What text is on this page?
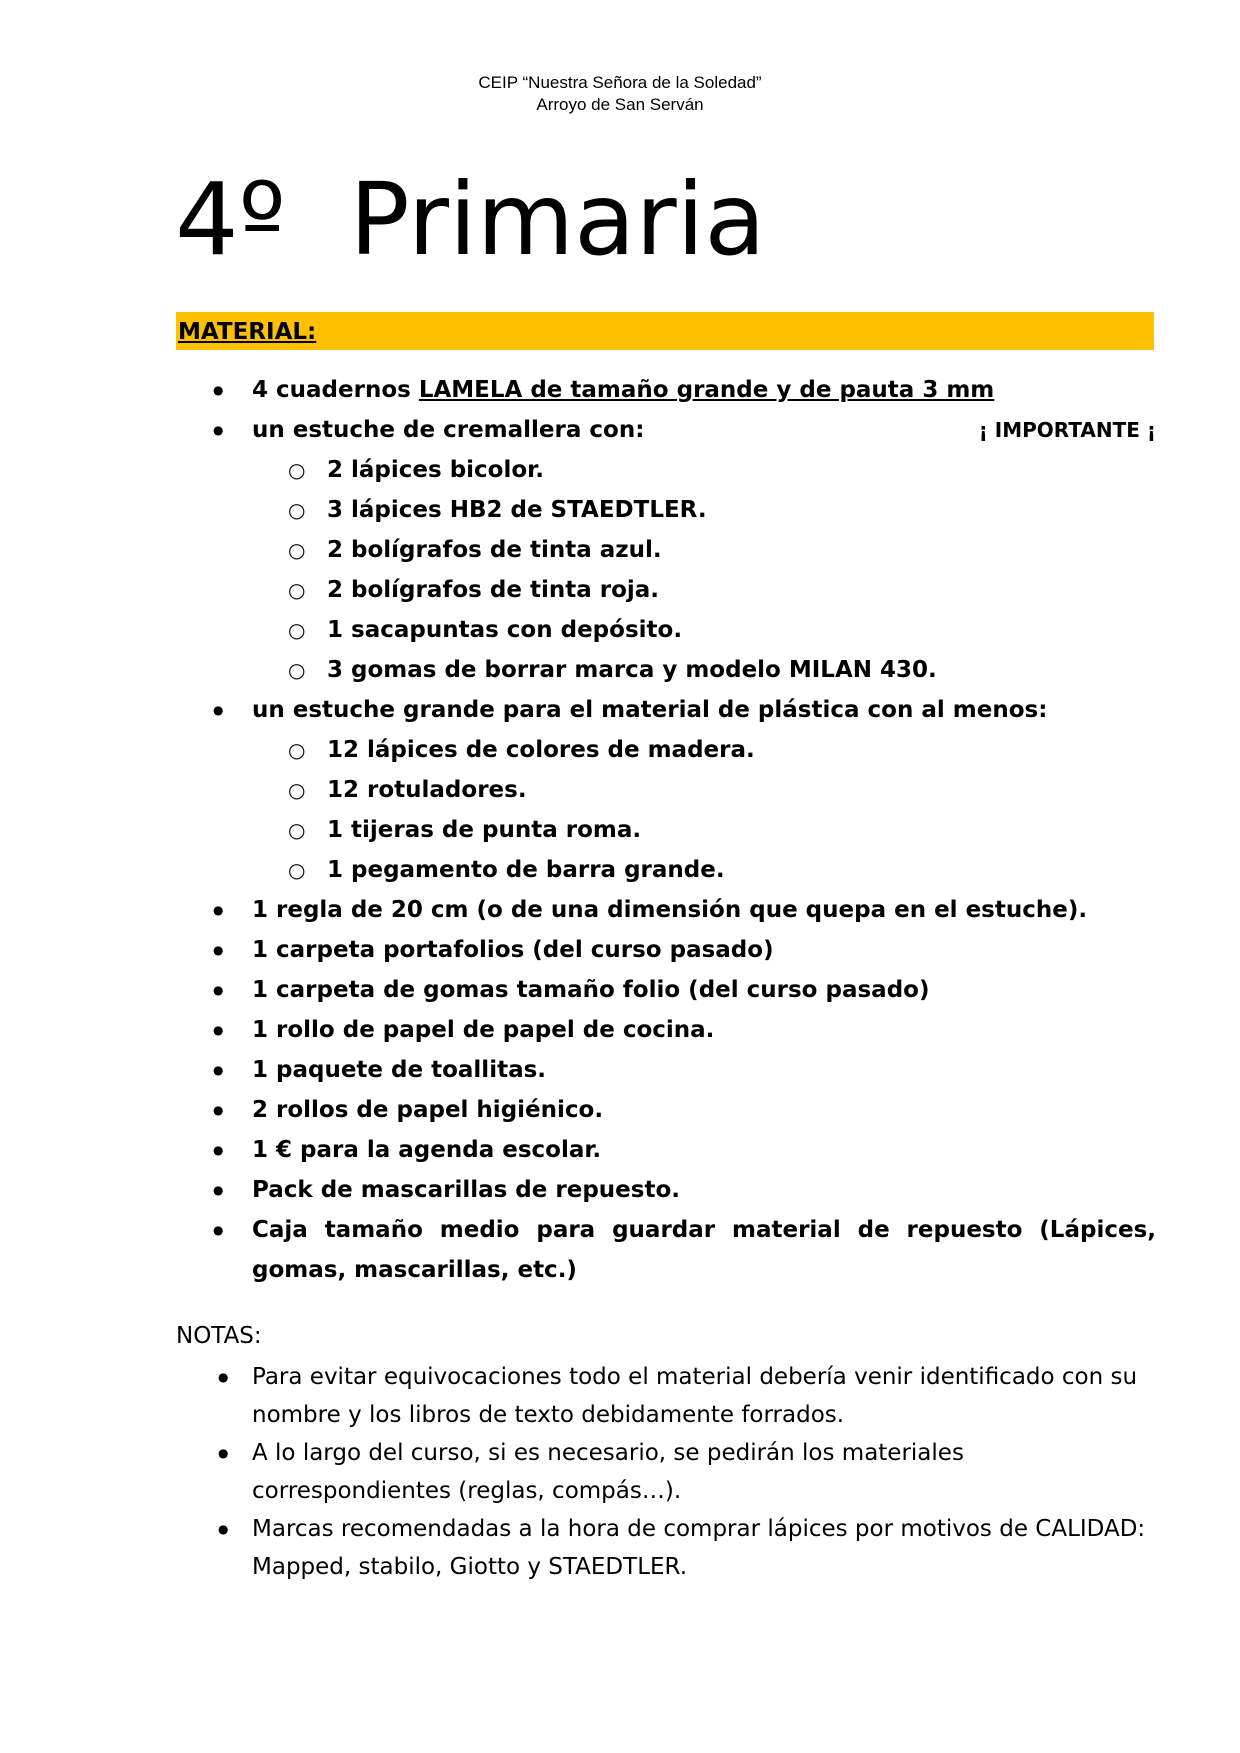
CEIP “Nuestra Señora de la Soledad”
Arroyo de San Serván
4º  Primaria
MATERIAL:
● 4 cuadernos LAMELA de tamaño grande y de pauta 3 mm
¡ IMPORTANTE ¡
● un estuche de cremallera con:
○ 2 lápices bicolor.
○ 3 lápices HB2 de STAEDTLER.
○ 2 bolígrafos de tinta azul.
○ 2 bolígrafos de tinta roja.
○ 1 sacapuntas con depósito.
○ 3 gomas de borrar marca y modelo MILAN 430.
● un estuche grande para el material de plástica con al menos:
○ 12 lápices de colores de madera.
○ 12 rotuladores.
○ 1 tijeras de punta roma.
○ 1 pegamento de barra grande.
● 1 regla de 20 cm (o de una dimensión que quepa en el estuche).
● 1 carpeta portafolios (del curso pasado)
● 1 carpeta de gomas tamaño folio (del curso pasado)
● 1 rollo de papel de papel de cocina.
● 1 paquete de toallitas.
● 2 rollos de papel higiénico.
● 1 € para la agenda escolar.
● Pack de mascarillas de repuesto.
● Caja tamaño medio para guardar material de repuesto (Lápices, gomas, mascarillas, etc.)
NOTAS:
● Para evitar equivocaciones todo el material debería venir identificado con su nombre y los libros de texto debidamente forrados.
● A lo largo del curso, si es necesario, se pedirán los materiales correspondientes (reglas, compás…).
● Marcas recomendadas a la hora de comprar lápices por motivos de CALIDAD: Mapped, stabilo, Giotto y STAEDTLER.
